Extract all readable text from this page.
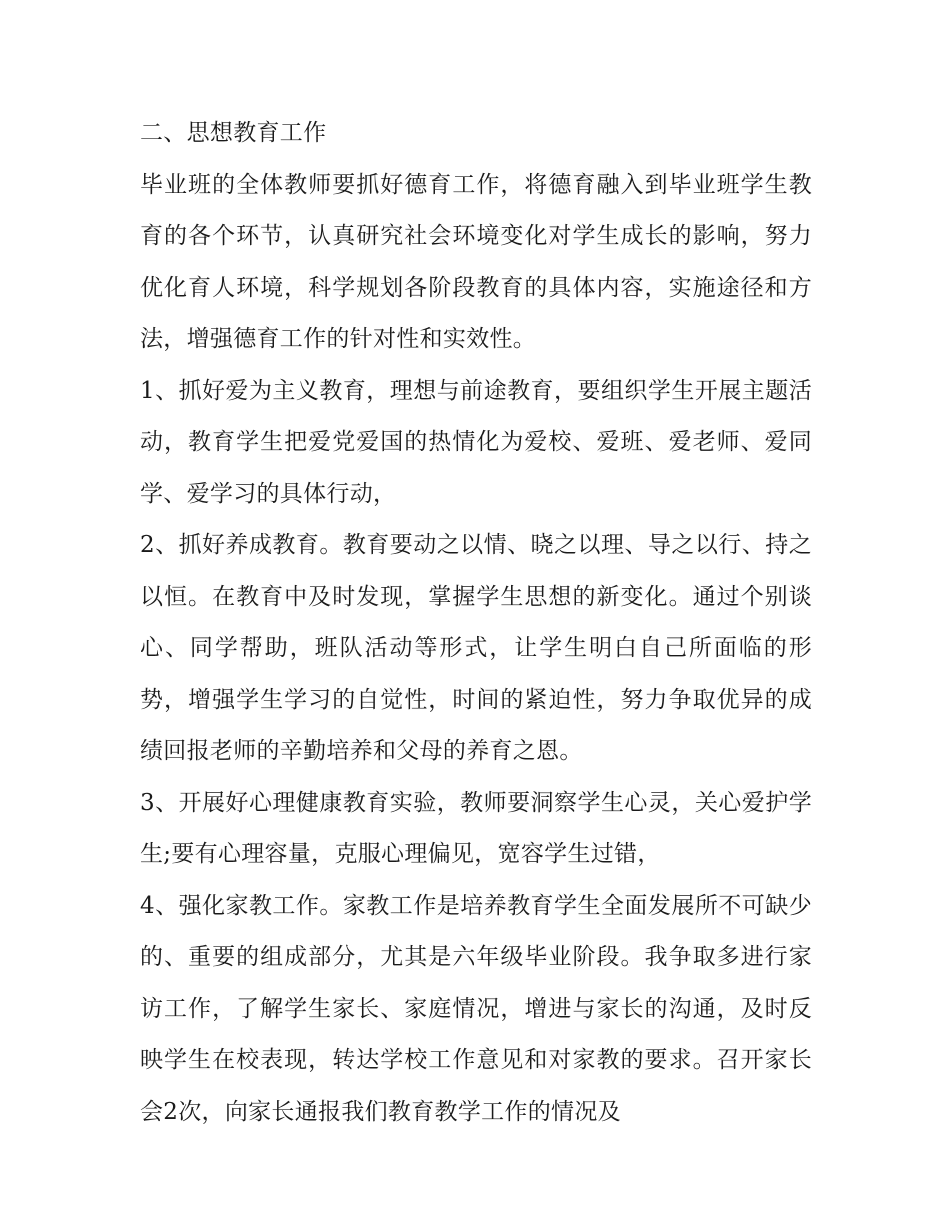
二、思想教育工作

毕业班的全体教师要抓好德育工作，将德育融入到毕业班学生教育的各个环节，认真研究社会环境变化对学生成长的影响，努力优化育人环境，科学规划各阶段教育的具体内容，实施途径和方法，增强德育工作的针对性和实效性。

1、抓好爱为主义教育，理想与前途教育，要组织学生开展主题活动，教育学生把爱党爱国的热情化为爱校、爱班、爱老师、爱同学、爱学习的具体行动，

2、抓好养成教育。教育要动之以情、晓之以理、导之以行、持之以恒。在教育中及时发现，掌握学生思想的新变化。通过个别谈心、同学帮助，班队活动等形式，让学生明白自己所面临的形势，增强学生学习的自觉性，时间的紧迫性，努力争取优异的成绩回报老师的辛勤培养和父母的养育之恩。

3、开展好心理健康教育实验，教师要洞察学生心灵，关心爱护学生;要有心理容量，克服心理偏见，宽容学生过错，

4、强化家教工作。家教工作是培养教育学生全面发展所不可缺少的、重要的组成部分，尤其是六年级毕业阶段。我争取多进行家访工作，了解学生家长、家庭情况，增进与家长的沟通，及时反映学生在校表现，转达学校工作意见和对家教的要求。召开家长会2次，向家长通报我们教育教学工作的情况及
